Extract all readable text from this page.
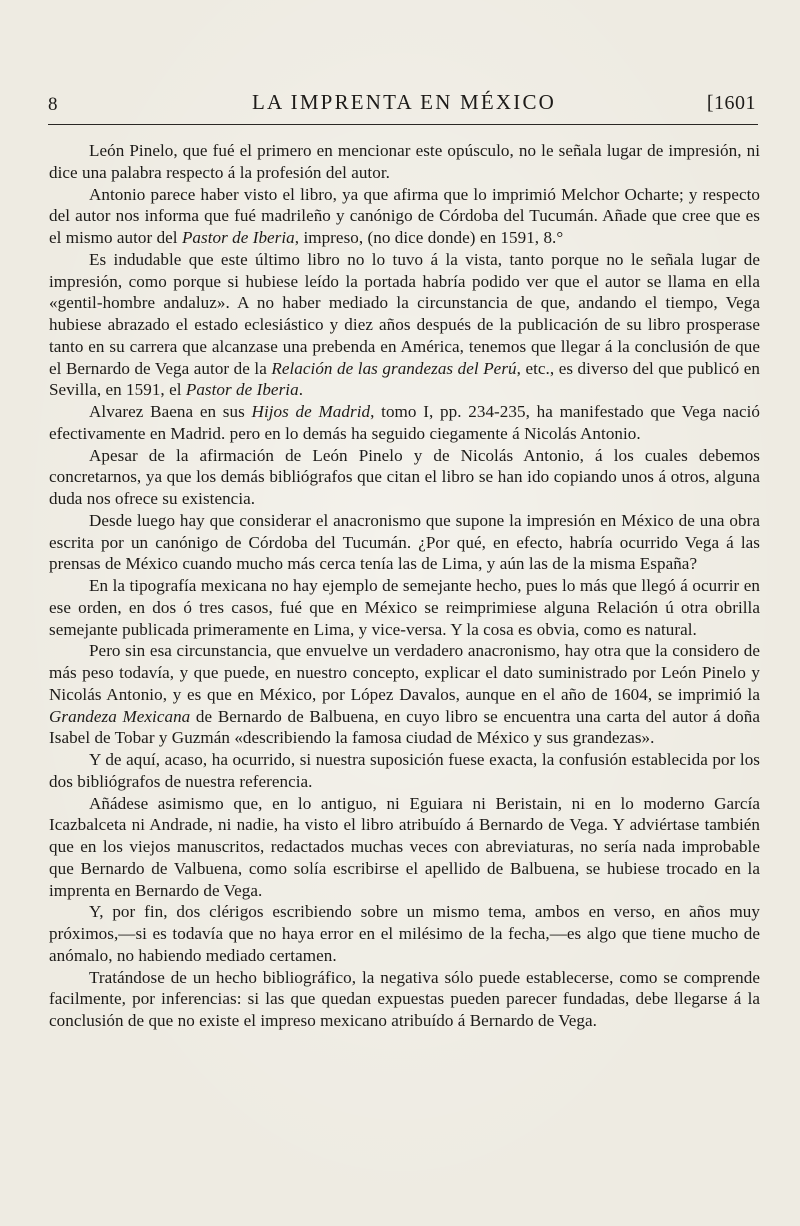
8	LA IMPRENTA EN MÉXICO	[1601

León Pinelo, que fué el primero en mencionar este opúsculo, no le señala lugar de impresión, ni dice una palabra respecto á la profesión del autor.

Antonio parece haber visto el libro, ya que afirma que lo imprimió Melchor Ocharte; y respecto del autor nos informa que fué madrileño y canónigo de Córdoba del Tucumán. Añade que cree que es el mismo autor del Pastor de Iberia, impreso, (no dice donde) en 1591, 8.°

Es indudable que este último libro no lo tuvo á la vista, tanto porque no le señala lugar de impresión, como porque si hubiese leído la portada habría podido ver que el autor se llama en ella «gentil-hombre andaluz». A no haber mediado la circunstancia de que, andando el tiempo, Vega hubiese abrazado el estado eclesiástico y diez años después de la publicación de su libro prosperase tanto en su carrera que alcanzase una prebenda en América, tenemos que llegar á la conclusión de que el Bernardo de Vega autor de la Relación de las grandezas del Perú, etc., es diverso del que publicó en Sevilla, en 1591, el Pastor de Iberia.

Alvarez Baena en sus Hijos de Madrid, tomo I, pp. 234-235, ha manifestado que Vega nació efectivamente en Madrid. pero en lo demás ha seguido ciegamente á Nicolás Antonio.

Apesar de la afirmación de León Pinelo y de Nicolás Antonio, á los cuales debemos concretarnos, ya que los demás bibliógrafos que citan el libro se han ido copiando unos á otros, alguna duda nos ofrece su existencia.

Desde luego hay que considerar el anacronismo que supone la impresión en México de una obra escrita por un canónigo de Córdoba del Tucumán. ¿Por qué, en efecto, habría ocurrido Vega á las prensas de México cuando mucho más cerca tenía las de Lima, y aún las de la misma España?

En la tipografía mexicana no hay ejemplo de semejante hecho, pues lo más que llegó á ocurrir en ese orden, en dos ó tres casos, fué que en México se reimprimiese alguna Relación ú otra obrilla semejante publicada primeramente en Lima, y vice-versa. Y la cosa es obvia, como es natural.

Pero sin esa circunstancia, que envuelve un verdadero anacronismo, hay otra que la considero de más peso todavía, y que puede, en nuestro concepto, explicar el dato suministrado por León Pinelo y Nicolás Antonio, y es que en México, por López Davalos, aunque en el año de 1604, se imprimió la Grandeza Mexicana de Bernardo de Balbuena, en cuyo libro se encuentra una carta del autor á doña Isabel de Tobar y Guzmán «describiendo la famosa ciudad de México y sus grandezas».

Y de aquí, acaso, ha ocurrido, si nuestra suposición fuese exacta, la confusión establecida por los dos bibliógrafos de nuestra referencia.

Añádese asimismo que, en lo antiguo, ni Eguiara ni Beristain, ni en lo moderno García Icazbalceta ni Andrade, ni nadie, ha visto el libro atribuído á Bernardo de Vega. Y adviértase también que en los viejos manuscritos, redactados muchas veces con abreviaturas, no sería nada improbable que Bernardo de Valbuena, como solía escribirse el apellido de Balbuena, se hubiese trocado en la imprenta en Bernardo de Vega.

Y, por fin, dos clérigos escribiendo sobre un mismo tema, ambos en verso, en años muy próximos,—si es todavía que no haya error en el milésimo de la fecha,—es algo que tiene mucho de anómalo, no habiendo mediado certamen.

Tratándose de un hecho bibliográfico, la negativa sólo puede establecerse, como se comprende facilmente, por inferencias: si las que quedan expuestas pueden parecer fundadas, debe llegarse á la conclusión de que no existe el impreso mexicano atribuído á Bernardo de Vega.
